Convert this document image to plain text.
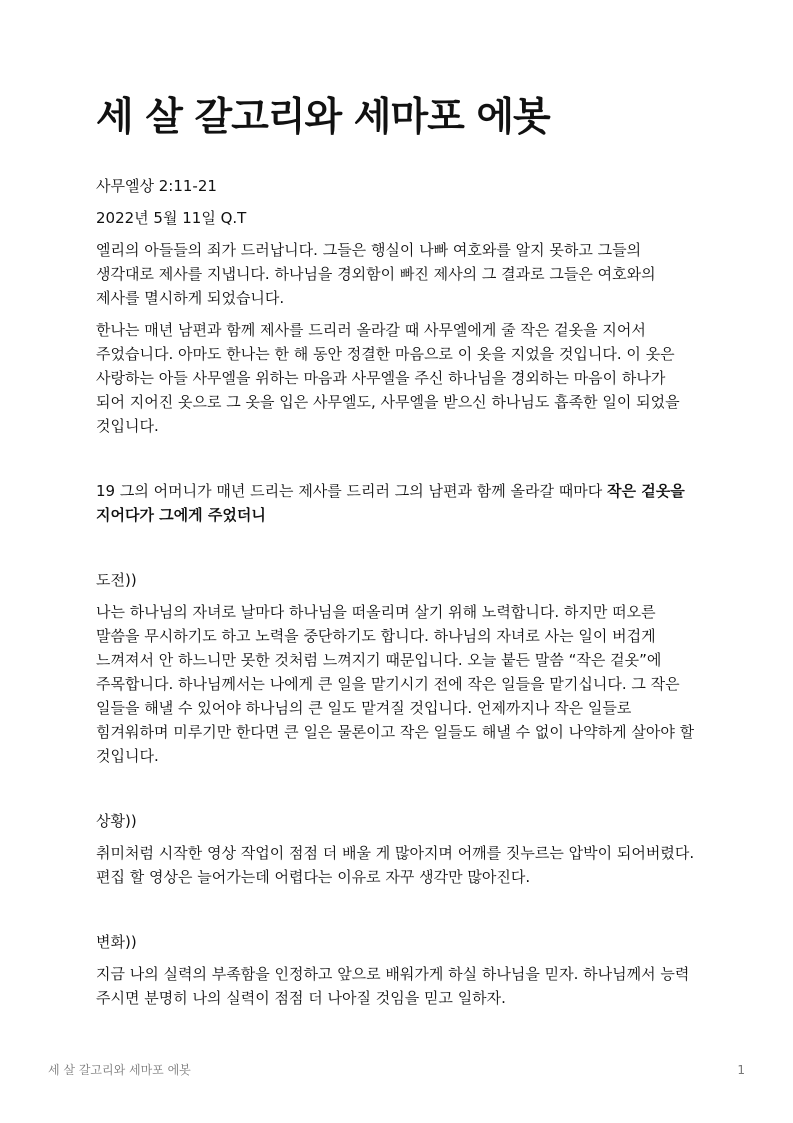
세 살 갈고리와 세마포 에봇
사무엘상 2:11-21
2022년 5월 11일 Q.T

엘리의 아들들의 죄가 드러납니다. 그들은 행실이 나빠 여호와를 알지 못하고 그들의 생각대로 제사를 지냅니다. 하나님을 경외함이 빠진 제사의 그 결과로 그들은 여호와의 제사를 멸시하게 되었습니다.

한나는 매년 남편과 함께 제사를 드리러 올라갈 때 사무엘에게 줄 작은 겉옷을 지어서 주었습니다. 아마도 한나는 한 해 동안 정결한 마음으로 이 옷을 지었을 것입니다. 이 옷은 사랑하는 아들 사무엘을 위하는 마음과 사무엘을 주신 하나님을 경외하는 마음이 하나가 되어 지어진 옷으로 그 옷을 입은 사무엘도, 사무엘을 받으신 하나님도 흡족한 일이 되었을 것입니다.

19 그의 어머니가 매년 드리는 제사를 드리러 그의 남편과 함께 올라갈 때마다 작은 겉옷을 지어다가 그에게 주었더니

도전))

나는 하나님의 자녀로 날마다 하나님을 떠올리며 살기 위해 노력합니다. 하지만 떠오른 말씀을 무시하기도 하고 노력을 중단하기도 합니다. 하나님의 자녀로 사는 일이 버겁게 느껴져서 안 하느니만 못한 것처럼 느껴지기 때문입니다. 오늘 붙든 말씀 “작은 겉옷”에 주목합니다. 하나님께서는 나에게 큰 일을 맡기시기 전에 작은 일들을 맡기십니다. 그 작은 일들을 해낼 수 있어야 하나님의 큰 일도 맡겨질 것입니다. 언제까지나 작은 일들로 힘겨워하며 미루기만 한다면 큰 일은 물론이고 작은 일들도 해낼 수 없이 나약하게 살아야 할 것입니다.

상황))

취미처럼 시작한 영상 작업이 점점 더 배울 게 많아지며 어깨를 짓누르는 압박이 되어버렸다. 편집 할 영상은 늘어가는데 어렵다는 이유로 자꾸 생각만 많아진다.

변화))

지금 나의 실력의 부족함을 인정하고 앞으로 배워가게 하실 하나님을 믿자. 하나님께서 능력 주시면 분명히 나의 실력이 점점 더 나아질 것임을 믿고 일하자.

세 살 갈고리와 세마포 에봇	1
